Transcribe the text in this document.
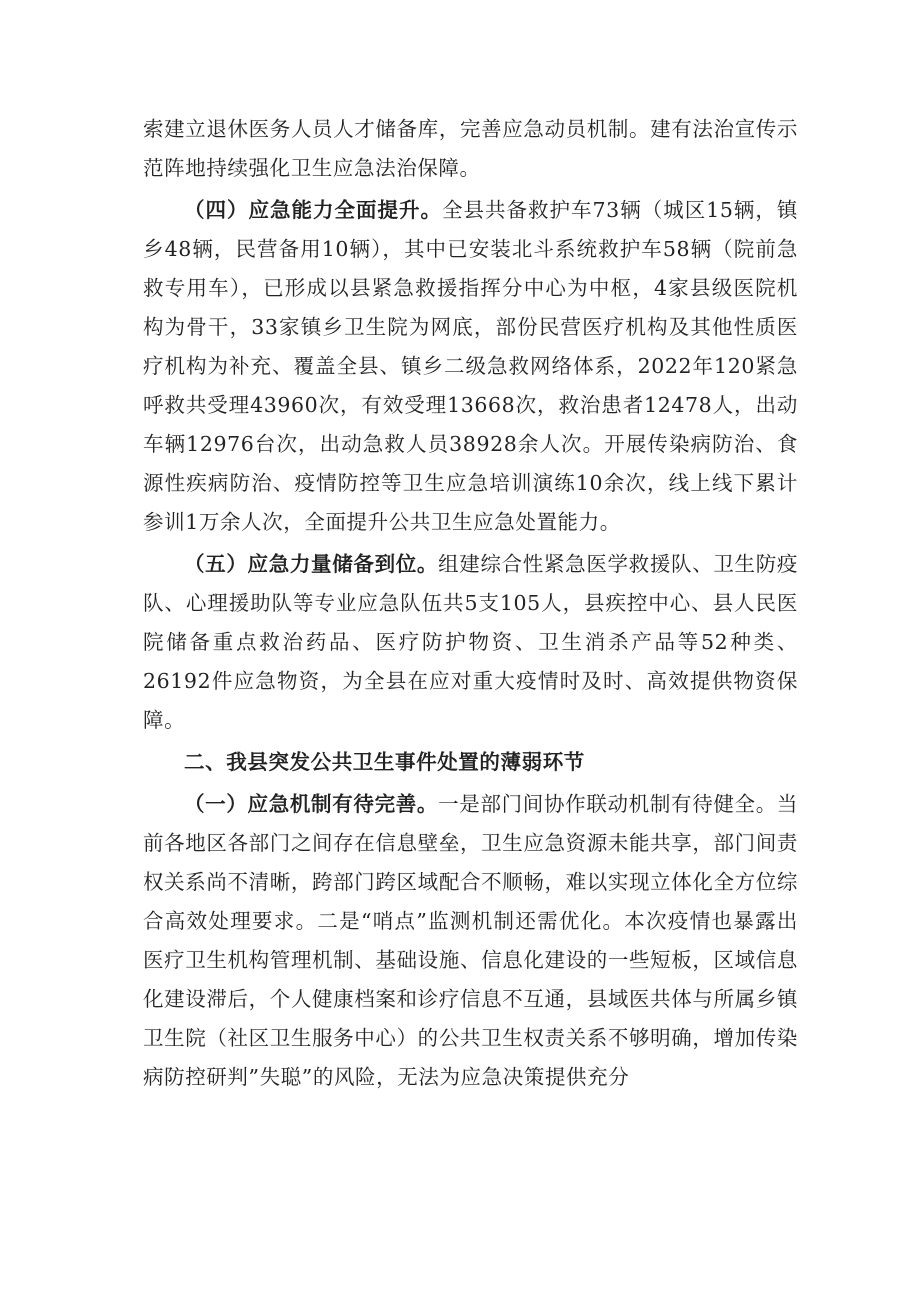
索建立退休医务人员人才储备库，完善应急动员机制。建有法治宣传示范阵地持续强化卫生应急法治保障。

（四）应急能力全面提升。全县共备救护车73辆（城区15辆，镇乡48辆，民营备用10辆），其中已安装北斗系统救护车58辆（院前急救专用车），已形成以县紧急救援指挥分中心为中枢，4家县级医院机构为骨干，33家镇乡卫生院为网底，部份民营医疗机构及其他性质医疗机构为补充、覆盖全县、镇乡二级急救网络体系，2022年120紧急呼救共受理43960次，有效受理13668次，救治患者12478人，出动车辆12976台次，出动急救人员38928余人次。开展传染病防治、食源性疾病防治、疫情防控等卫生应急培训演练10余次，线上线下累计参训1万余人次，全面提升公共卫生应急处置能力。

（五）应急力量储备到位。组建综合性紧急医学救援队、卫生防疫队、心理援助队等专业应急队伍共5支105人，县疾控中心、县人民医院储备重点救治药品、医疗防护物资、卫生消杀产品等52种类、26192件应急物资，为全县在应对重大疫情时及时、高效提供物资保障。

二、我县突发公共卫生事件处置的薄弱环节

（一）应急机制有待完善。一是部门间协作联动机制有待健全。当前各地区各部门之间存在信息壁垒，卫生应急资源未能共享，部门间责权关系尚不清晰，跨部门跨区域配合不顺畅，难以实现立体化全方位综合高效处理要求。二是“哨点”监测机制还需优化。本次疫情也暴露出医疗卫生机构管理机制、基础设施、信息化建设的一些短板，区域信息化建设滞后，个人健康档案和诊疗信息不互通，县域医共体与所属乡镇卫生院（社区卫生服务中心）的公共卫生权责关系不够明确，增加传染病防控研判”失聪”的风险，无法为应急决策提供充分
